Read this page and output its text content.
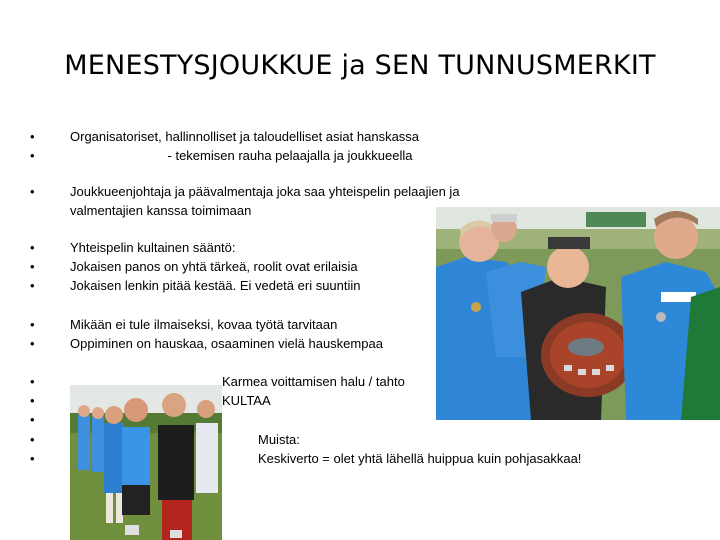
MENESTYSJOUKKUE ja SEN TUNNUSMERKIT
•
•
•
•
•
•
•
•
•
•
•
•
•
Organisatoriset, hallinnolliset ja taloudelliset asiat hanskassa
- tekemisen rauha pelaajalla ja joukkueella
Joukkueenjohtaja ja päävalmentaja joka saa yhteispelin pelaajien ja
valmentajien kanssa toimimaan
Yhteispelin kultainen sääntö:
Jokaisen panos on yhtä tärkeä, roolit ovat erilaisia
Jokaisen lenkin pitää kestää. Ei vedetä eri suuntiin
Mikään ei tule ilmaiseksi, kovaa työtä tarvitaan
Oppiminen on hauskaa, osaaminen vielä hauskempaa
Karmea voittamisen halu / tahto
KULTAA
Muista:
Keskiverto = olet yhtä lähellä huippua kuin pohjasakkaa!
